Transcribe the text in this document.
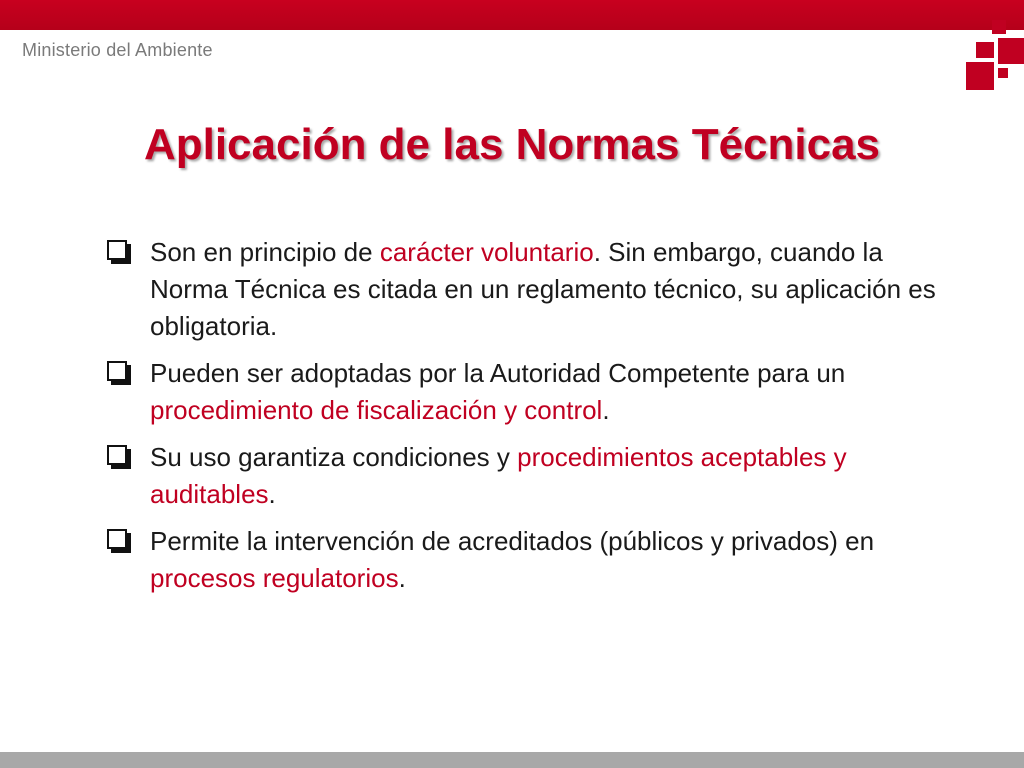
Ministerio del Ambiente
Aplicación de las Normas Técnicas
Son en principio de carácter voluntario. Sin embargo, cuando la Norma Técnica es citada en un reglamento técnico, su aplicación es obligatoria.
Pueden ser adoptadas por la Autoridad Competente para un procedimiento de fiscalización y control.
Su uso garantiza condiciones y procedimientos aceptables y auditables.
Permite la intervención de acreditados (públicos y privados) en procesos regulatorios.
